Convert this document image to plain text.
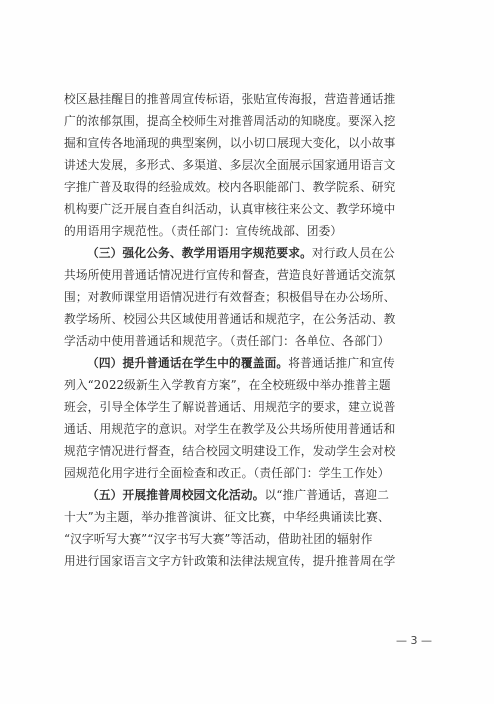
校区悬挂醒目的推普周宣传标语，张贴宣传海报，营造普通话推
广的浓郁氛围，提高全校师生对推普周活动的知晓度。要深入挖
掘和宣传各地涌现的典型案例，以小切口展现大变化，以小故事
讲述大发展，多形式、多渠道、多层次全面展示国家通用语言文
字推广普及取得的经验成效。校内各职能部门、教学院系、研究
机构要广泛开展自查自纠活动，认真审核往来公文、教学环境中
的用语用字规范性。（责任部门：宣传统战部、团委）
（三）强化公务、教学用语用字规范要求。对行政人员在公
共场所使用普通话情况进行宣传和督查，营造良好普通话交流氛
围；对教师课堂用语情况进行有效督查；积极倡导在办公场所、
教学场所、校园公共区域使用普通话和规范字，在公务活动、教
学活动中使用普通话和规范字。（责任部门：各单位、各部门）
（四）提升普通话在学生中的覆盖面。将普通话推广和宣传
列入“2022级新生入学教育方案”，在全校班级中举办推普主题
班会，引导全体学生了解说普通话、用规范字的要求，建立说普
通话、用规范字的意识。对学生在教学及公共场所使用普通话和
规范字情况进行督查，结合校园文明建设工作，发动学生会对校
园规范化用字进行全面检查和改正。（责任部门：学生工作处）
（五）开展推普周校园文化活动。以“推广普通话，喜迎二
十大”为主题，举办推普演讲、征文比赛，中华经典诵读比赛、
“汉字听写大赛”“汉字书写大赛”等活动，借助社团的辐射作
用进行国家语言文字方针政策和法律法规宣传，提升推普周在学
— 3 —
